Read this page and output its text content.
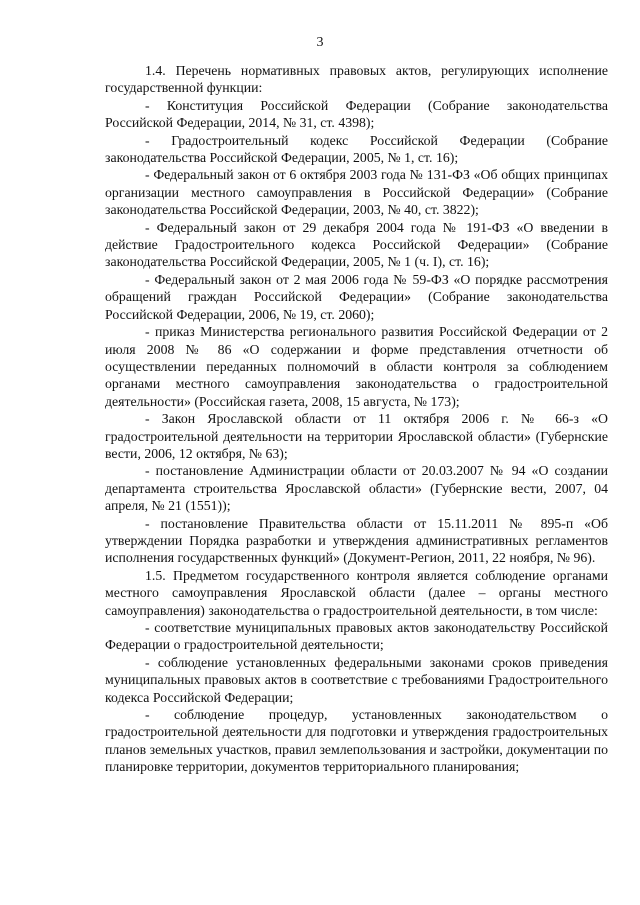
3

1.4. Перечень нормативных правовых актов, регулирующих исполнение государственной функции:

- Конституция Российской Федерации (Собрание законодательства Российской Федерации, 2014, № 31, ст. 4398);

- Градостроительный кодекс Российской Федерации (Собрание законодательства Российской Федерации, 2005, № 1, ст. 16);

- Федеральный закон от 6 октября 2003 года № 131-ФЗ «Об общих принципах организации местного самоуправления в Российской Федерации» (Собрание законодательства Российской Федерации, 2003, № 40, ст. 3822);

- Федеральный закон от 29 декабря 2004 года № 191-ФЗ «О введении в действие Градостроительного кодекса Российской Федерации» (Собрание законодательства Российской Федерации, 2005, № 1 (ч. I), ст. 16);

- Федеральный закон от 2 мая 2006 года № 59-ФЗ «О порядке рассмотрения обращений граждан Российской Федерации» (Собрание законодательства Российской Федерации, 2006, № 19, ст. 2060);

- приказ Министерства регионального развития Российской Федерации от 2 июля 2008 № 86 «О содержании и форме представления отчетности об осуществлении переданных полномочий в области контроля за соблюдением органами местного самоуправления законодательства о градостроительной деятельности» (Российская газета, 2008, 15 августа, № 173);

- Закон Ярославской области от 11 октября 2006 г. № 66-з «О градостроительной деятельности на территории Ярославской области» (Губернские вести, 2006, 12 октября, № 63);

- постановление Администрации области от 20.03.2007 № 94 «О создании департамента строительства Ярославской области» (Губернские вести, 2007, 04 апреля, № 21 (1551));

- постановление Правительства области от 15.11.2011 № 895-п «Об утверждении Порядка разработки и утверждения административных регламентов исполнения государственных функций» (Документ-Регион, 2011, 22 ноября, № 96).

1.5. Предметом государственного контроля является соблюдение органами местного самоуправления Ярославской области (далее – органы местного самоуправления) законодательства о градостроительной деятельности, в том числе:

- соответствие муниципальных правовых актов законодательству Российской Федерации о градостроительной деятельности;

- соблюдение установленных федеральными законами сроков приведения муниципальных правовых актов в соответствие с требованиями Градостроительного кодекса Российской Федерации;

- соблюдение процедур, установленных законодательством о градостроительной деятельности для подготовки и утверждения градостроительных планов земельных участков, правил землепользования и застройки, документации по планировке территории, документов территориального планирования;
